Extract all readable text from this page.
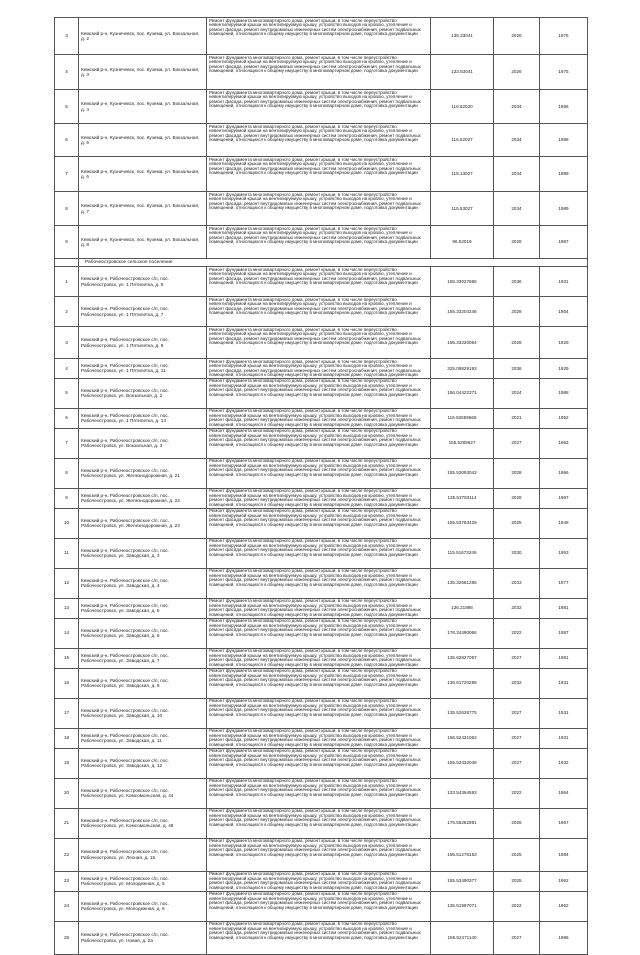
3	Кемский р-н, Кузнечевск, пос. Кузема, ул. Вокзальная, д. 2	Ремонт фундамента многоквартирного дома, ремонт крыши, в том числе переустройство невентилируемой крыши на вентилируемую крышу, устройство выходов на кровлю, утепление и ремонт фасада, ремонт внутридомовых инженерных систем электроснабжения, ремонт подвальных помещений, относящихся к общему имуществу в многоквартирном доме, подготовка документации	135.33041	2026	1975
4	Кемский р-н, Кузнечевск, пос. Кузема, ул. Вокзальная, д. 3	Ремонт фундамента многоквартирного дома, ремонт крыши, в том числе переустройство невентилируемой крыши на вентилируемую крышу, устройство выходов на кровлю, утепление и ремонт фасада, ремонт внутридомовых инженерных систем электроснабжения, ремонт подвальных помещений, относящихся к общему имуществу в многоквартирном доме, подготовка документации	133.53041	2026	1975
5	Кемский р-н, Кузнечевск, пос. Кузема, ул. Вокзальная, д. 4	Ремонт фундамента многоквартирного дома, ремонт крыши, в том числе переустройство невентилируемой крыши на вентилируемую крышу, устройство выходов на кровлю, утепление и ремонт фасада, ремонт внутридомовых инженерных систем электроснабжения, ремонт подвальных помещений, относящихся к общему имуществу в многоквартирном доме, подготовка документации	116.62020	2034	1986
6	Кемский р-н, Кузнечевск, пос. Кузема, ул. Вокзальная, д. 5	Ремонт фундамента многоквартирного дома, ремонт крыши, в том числе переустройство невентилируемой крыши на вентилируемую крышу, устройство выходов на кровлю, утепление и ремонт фасада, ремонт внутридомовых инженерных систем электроснабжения, ремонт подвальных помещений, относящихся к общему имуществу в многоквартирном доме, подготовка документации	116.52027	2034	1988
7	Кемский р-н, Кузнечевск, пос. Кузема, ул. Вокзальная, д. 6	Ремонт фундамента многоквартирного дома, ремонт крыши, в том числе переустройство невентилируемой крыши на вентилируемую крышу, устройство выходов на кровлю, утепление и ремонт фасада, ремонт внутридомовых инженерных систем электроснабжения, ремонт подвальных помещений, относящихся к общему имуществу в многоквартирном доме, подготовка документации	115.13027	2034	1989
8	Кемский р-н, Кузнечевск, пос. Кузема, ул. Вокзальная, д. 7	Ремонт фундамента многоквартирного дома, ремонт крыши, в том числе переустройство невентилируемой крыши на вентилируемую крышу, устройство выходов на кровлю, утепление и ремонт фасада, ремонт внутридомовых инженерных систем электроснабжения, ремонт подвальных помещений, относящихся к общему имуществу в многоквартирном доме, подготовка документации	115.53027	2034	1989
9	Кемский р-н, Кузнечевск, пос. Кузема, ул. Вокзальная, д. 8	Ремонт фундамента многоквартирного дома, ремонт крыши, в том числе переустройство невентилируемой крыши на вентилируемую крышу, устройство выходов на кровлю, утепление и ремонт фасада, ремонт внутридомовых инженерных систем электроснабжения, ремонт подвальных помещений, относящихся к общему имуществу в многоквартирном доме, подготовка документации	96.52019	2028	1987
	Рабочеостровское сельское поселение				
1	Кемский р-н, Рабочеостровское с/п, пос. Рабочеостровск, ул. 1 Пятилетка, д. 6	Ремонт фундамента многоквартирного дома, ремонт крыши, в том числе переустройство невентилируемой крыши на вентилируемую крышу, устройство выходов на кровлю, утепление и ремонт фасада, ремонт внутридомовых инженерных систем электроснабжения, ремонт подвальных помещений, относящихся к общему имуществу в многоквартирном доме, подготовка документации	155.33027866	2036	1931
2	Кемский р-н, Рабочеостровское с/п, пос. Рабочеостровск, ул. 1 Пятилетка, д. 7	Ремонт фундамента многоквартирного дома, ремонт крыши, в том числе переустройство невентилируемой крыши на вентилируемую крышу, устройство выходов на кровлю, утепление и ремонт фасада, ремонт внутридомовых инженерных систем электроснабжения, ремонт подвальных помещений, относящихся к общему имуществу в многоквартирном доме, подготовка документации	155.33204246	2028	1954
3	Кемский р-н, Рабочеостровское с/п, пос. Рабочеостровск, ул. 1 Пятилетка, д. 9	Ремонт фундамента многоквартирного дома, ремонт крыши, в том числе переустройство невентилируемой крыши на вентилируемую крышу, устройство выходов на кровлю, утепление и ремонт фасада, ремонт внутридомовых инженерных систем электроснабжения, ремонт подвальных помещений, относящихся к общему имуществу в многоквартирном доме, подготовка документации	155.33220064	2028	1929
4	Кемский р-н, Рабочеостровское с/п, пос. Рабочеостровск, ул. 1 Пятилетка, д. 11	Ремонт фундамента многоквартирного дома, ремонт крыши, в том числе переустройство невентилируемой крыши на вентилируемую крышу, устройство выходов на кровлю, утепление и ремонт фасада, ремонт внутридомовых инженерных систем электроснабжения, ремонт подвальных помещений, относящихся к общему имуществу в многоквартирном доме, подготовка документации	325.09829193	2036	1929
5	Кемский р-н, Рабочеостровское с/п, пос. Рабочеостровск, ул. Вокзальная, д. 2	Ремонт фундамента многоквартирного дома, ремонт крыши, в том числе переустройство невентилируемой крыши на вентилируемую крышу, устройство выходов на кровлю, утепление и ремонт фасада, ремонт внутридомовых инженерных систем электроснабжения, ремонт подвальных помещений, относящихся к общему имуществу в многоквартирном доме, подготовка документации	156.04422371	2024	1988
6	Кемский р-н, Рабочеостровское с/п, пос. Рабочеостровск, ул. 1 Пятилетка, д. 13	Ремонт фундамента многоквартирного дома, ремонт крыши, в том числе переустройство невентилируемой крыши на вентилируемую крышу, устройство выходов на кровлю, утепление и ремонт фасада, ремонт внутридомовых инженерных систем электроснабжения, ремонт подвальных помещений, относящихся к общему имуществу в многоквартирном доме, подготовка документации	116.52659566	2021	1952
7	Кемский р-н, Рабочеостровское с/п, пос. Рабочеостровск, ул. Вокзальная, д. 3	Ремонт фундамента многоквартирного дома, ремонт крыши, в том числе переустройство невентилируемой крыши на вентилируемую крышу, устройство выходов на кровлю, утепление и ремонт фасада, ремонт внутридомовых инженерных систем электроснабжения, ремонт подвальных помещений, относящихся к общему имуществу в многоквартирном доме, подготовка документации	155.5289627	2027	1963
8	Кемский р-н, Рабочеостровское с/п, пос. Рабочеостровск, ул. Железнодорожная, д. 21	Ремонт фундамента многоквартирного дома, ремонт крыши, в том числе переустройство невентилируемой крыши на вентилируемую крышу, устройство выходов на кровлю, утепление и ремонт фасада, ремонт внутридомовых инженерных систем электроснабжения, ремонт подвальных помещений, относящихся к общему имуществу в многоквартирном доме, подготовка документации	155.53093042	2028	1966
9	Кемский р-н, Рабочеостровское с/п, пос. Рабочеостровск, ул. Железнодорожная, д. 22	Ремонт фундамента многоквартирного дома, ремонт крыши, в том числе переустройство невентилируемой крыши на вентилируемую крышу, устройство выходов на кровлю, утепление и ремонт фасада, ремонт внутридомовых инженерных систем электроснабжения, ремонт подвальных помещений, относящихся к общему имуществу в многоквартирном доме, подготовка документации	135.53783114	2028	1967
10	Кемский р-н, Рабочеостровское с/п, пос. Рабочеостровск, ул. Железнодорожная, д. 23	Ремонт фундамента многоквартирного дома, ремонт крыши, в том числе переустройство невентилируемой крыши на вентилируемую крышу, устройство выходов на кровлю, утепление и ремонт фасада, ремонт внутридомовых инженерных систем электроснабжения, ремонт подвальных помещений, относящихся к общему имуществу в многоквартирном доме, подготовка документации	155.53783429	2025	1948
11	Кемский р-н, Рабочеостровское с/п, пос. Рабочеостровск, ул. Заводская, д. 3	Ремонт фундамента многоквартирного дома, ремонт крыши, в том числе переустройство невентилируемой крыши на вентилируемую крышу, устройство выходов на кровлю, утепление и ремонт фасада, ремонт внутридомовых инженерных систем электроснабжения, ремонт подвальных помещений, относящихся к общему имуществу в многоквартирном доме, подготовка документации	115.51673249	2030	1953
12	Кемский р-н, Рабочеостровское с/п, пос. Рабочеостровск, ул. Заводская, д. 4	Ремонт фундамента многоквартирного дома, ремонт крыши, в том числе переустройство невентилируемой крыши на вентилируемую крышу, устройство выходов на кровлю, утепление и ремонт фасада, ремонт внутридомовых инженерных систем электроснабжения, ремонт подвальных помещений, относящихся к общему имуществу в многоквартирном доме, подготовка документации	135.32681266	2033	1977
13	Кемский р-н, Рабочеостровское с/п, пос. Рабочеостровск, ул. Заводская, д. 5	Ремонт фундамента многоквартирного дома, ремонт крыши, в том числе переустройство невентилируемой крыши на вентилируемую крышу, устройство выходов на кровлю, утепление и ремонт фасада, ремонт внутридомовых инженерных систем электроснабжения, ремонт подвальных помещений, относящихся к общему имуществу в многоквартирном доме, подготовка документации	136.21886	2032	1981
14	Кемский р-н, Рабочеостровское с/п, пос. Рабочеостровск, ул. Заводская, д. 6	Ремонт фундамента многоквартирного дома, ремонт крыши, в том числе переустройство невентилируемой крыши на вентилируемую крышу, устройство выходов на кровлю, утепление и ремонт фасада, ремонт внутридомовых инженерных систем электроснабжения, ремонт подвальных помещений, относящихся к общему имуществу в многоквартирном доме, подготовка документации	176.34490066	2022	1987
15	Кемский р-н, Рабочеостровское с/п, пос. Рабочеостровск, ул. Заводская, д. 7	Ремонт фундамента многоквартирного дома, ремонт крыши, в том числе переустройство невентилируемой крыши на вентилируемую крышу, устройство выходов на кровлю, утепление и ремонт фасада, ремонт внутридомовых инженерных систем электроснабжения, ремонт подвальных помещений, относящихся к общему имуществу в многоквартирном доме, подготовка документации	135.62827057	2027	1981
16	Кемский р-н, Рабочеостровское с/п, пос. Рабочеостровск, ул. Заводская, д. 8	Ремонт фундамента многоквартирного дома, ремонт крыши, в том числе переустройство невентилируемой крыши на вентилируемую крышу, устройство выходов на кровлю, утепление и ремонт фасада, ремонт внутридомовых инженерных систем электроснабжения, ремонт подвальных помещений, относящихся к общему имуществу в многоквартирном доме, подготовка документации	136.61720288	2032	1931
17	Кемский р-н, Рабочеостровское с/п, пос. Рабочеостровск, ул. Заводская, д. 10	Ремонт фундамента многоквартирного дома, ремонт крыши, в том числе переустройство невентилируемой крыши на вентилируемую крышу, устройство выходов на кровлю, утепление и ремонт фасада, ремонт внутридомовых инженерных систем электроснабжения, ремонт подвальных помещений, относящихся к общему имуществу в многоквартирном доме, подготовка документации	135.52626775	2027	1931
18	Кемский р-н, Рабочеостровское с/п, пос. Рабочеостровск, ул. Заводская, д. 11	Ремонт фундамента многоквартирного дома, ремонт крыши, в том числе переустройство невентилируемой крыши на вентилируемую крышу, устройство выходов на кровлю, утепление и ремонт фасада, ремонт внутридомовых инженерных систем электроснабжения, ремонт подвальных помещений, относящихся к общему имуществу в многоквартирном доме, подготовка документации	156.52431062	2027	1931
19	Кемский р-н, Рабочеостровское с/п, пос. Рабочеостровск, ул. Заводская, д. 12	Ремонт фундамента многоквартирного дома, ремонт крыши, в том числе переустройство невентилируемой крыши на вентилируемую крышу, устройство выходов на кровлю, утепление и ремонт фасада, ремонт внутридомовых инженерных систем электроснабжения, ремонт подвальных помещений, относящихся к общему имуществу в многоквартирном доме, подготовка документации	155.52432048	2027	1932
20	Кемский р-н, Рабочеостровское с/п, пос. Рабочеостровск, ул. Комсомольская, д. 44	Ремонт фундамента многоквартирного дома, ремонт крыши, в том числе переустройство невентилируемой крыши на вентилируемую крышу, устройство выходов на кровлю, утепление и ремонт фасада, ремонт внутридомовых инженерных систем электроснабжения, ремонт подвальных помещений, относящихся к общему имуществу в многоквартирном доме, подготовка документации	133.54394593	2022	1964
21	Кемский р-н, Рабочеостровское с/п, пос. Рабочеостровск, ул. Комсомольская, д. 48	Ремонт фундамента многоквартирного дома, ремонт крыши, в том числе переустройство невентилируемой крыши на вентилируемую крышу, устройство выходов на кровлю, утепление и ремонт фасада, ремонт внутридомовых инженерных систем электроснабжения, ремонт подвальных помещений, относящихся к общему имуществу в многоквартирном доме, подготовка документации	175.55282891	2026	1967
22	Кемский р-н, Рабочеостровское с/п, пос. Рабочеостровск, ул. Лесная, д. 16	Ремонт фундамента многоквартирного дома, ремонт крыши, в том числе переустройство невентилируемой крыши на вентилируемую крышу, устройство выходов на кровлю, утепление и ремонт фасада, ремонт внутридомовых инженерных систем электроснабжения, ремонт подвальных помещений, относящихся к общему имуществу в многоквартирном доме, подготовка документации	155.51276153	2025	1984
23	Кемский р-н, Рабочеостровское с/п, пос. Рабочеостровск, ул. Молодежная, д. 5	Ремонт фундамента многоквартирного дома, ремонт крыши, в том числе переустройство невентилируемой крыши на вентилируемую крышу, устройство выходов на кровлю, утепление и ремонт фасада, ремонт внутридомовых инженерных систем электроснабжения, ремонт подвальных помещений, относящихся к общему имуществу в многоквартирном доме, подготовка документации	155.53490377	2025	1962
24	Кемский р-н, Рабочеостровское с/п, пос. Рабочеостровск, ул. Молодежная, д. 6	Ремонт фундамента многоквартирного дома, ремонт крыши, в том числе переустройство невентилируемой крыши на вентилируемую крышу, устройство выходов на кровлю, утепление и ремонт фасада, ремонт внутридомовых инженерных систем электроснабжения, ремонт подвальных помещений, относящихся к общему имуществу в многоквартирном доме, подготовка документации	135.51997071	2022	1962
25	Кемский р-н, Рабочеостровское с/п, пос. Рабочеостровск, ул. Новая, д. 2а	Ремонт фундамента многоквартирного дома, ремонт крыши, в том числе переустройство невентилируемой крыши на вентилируемую крышу, устройство выходов на кровлю, утепление и ремонт фасада, ремонт внутридомовых инженерных систем электроснабжения, ремонт подвальных помещений, относящихся к общему имуществу в многоквартирном доме, подготовка документации	155.52471140	2027	1986
